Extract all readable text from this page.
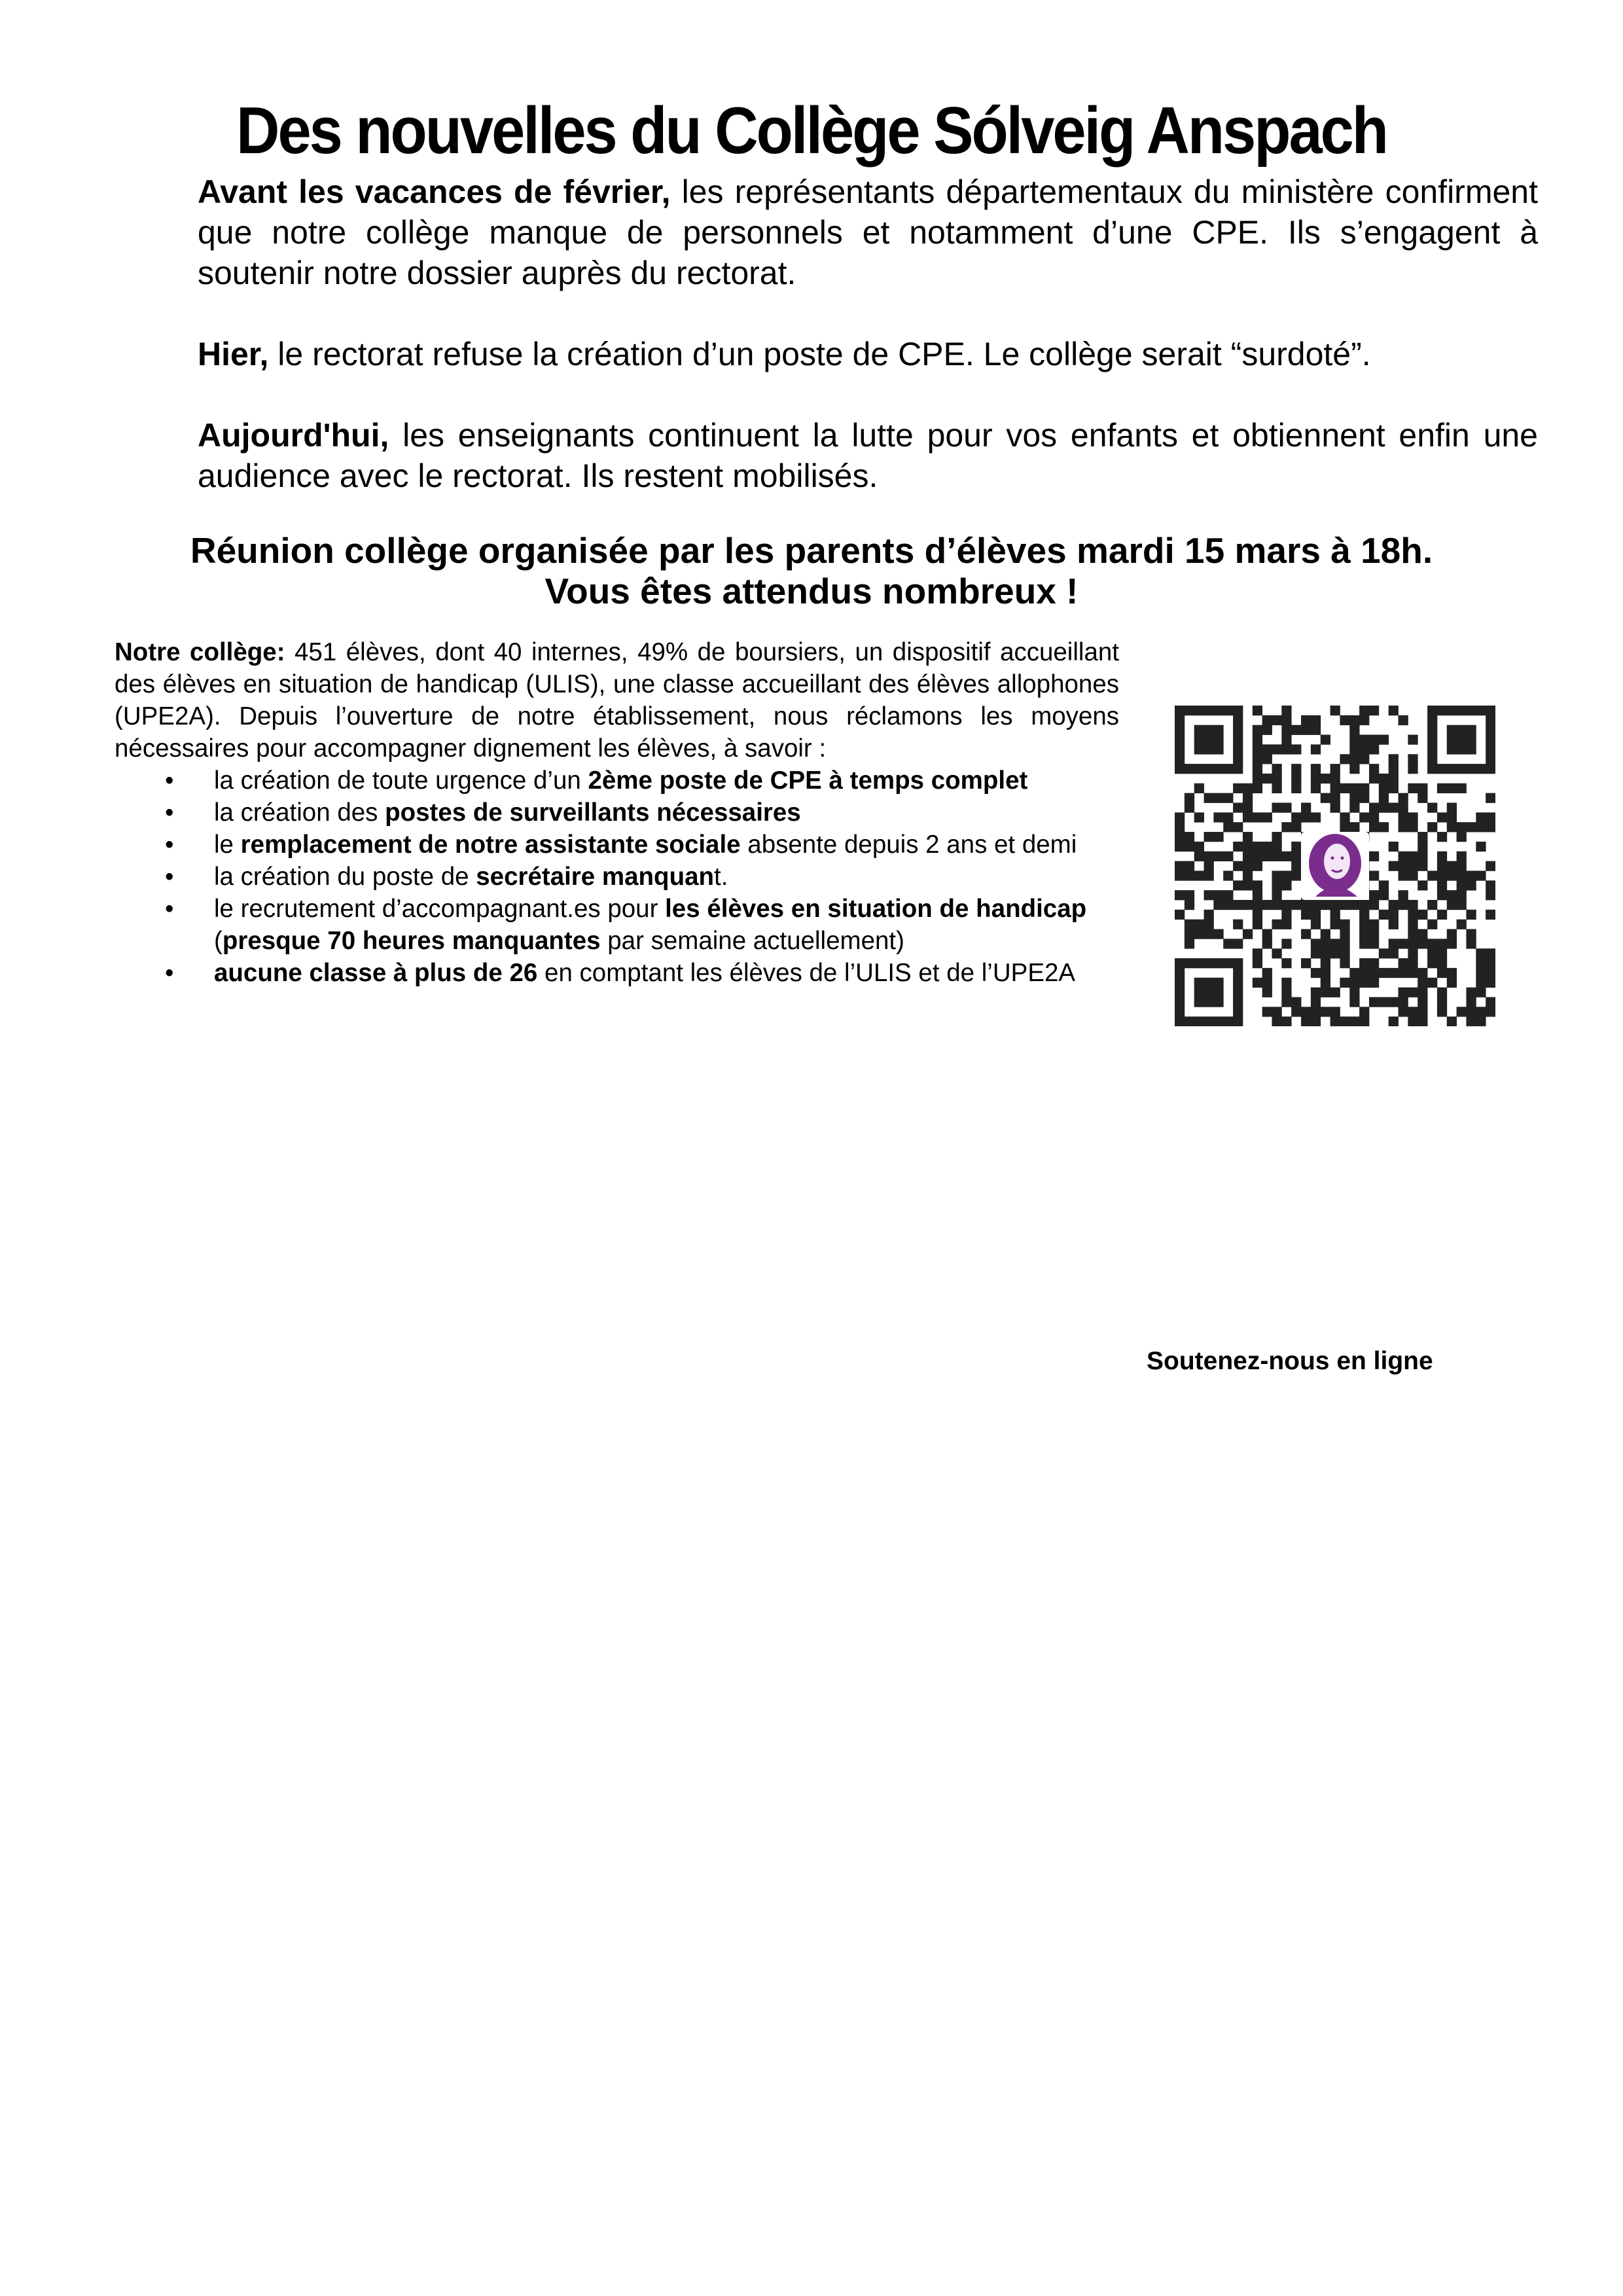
Des nouvelles du Collège Sólveig Anspach

Avant les vacances de février, les représentants départementaux du ministère confirment que notre collège manque de personnels et notamment d’une CPE. Ils s’engagent à soutenir notre dossier auprès du rectorat.

Hier, le rectorat refuse la création d’un poste de CPE. Le collège serait “surdoté”.

Aujourd'hui, les enseignants continuent la lutte pour vos enfants et obtiennent enfin une audience avec le rectorat. Ils restent mobilisés.

Réunion collège organisée par les parents d’élèves mardi 15 mars à 18h.
Vous êtes attendus nombreux !

Notre collège: 451 élèves, dont 40 internes, 49% de boursiers, un dispositif accueillant des élèves en situation de handicap (ULIS), une classe accueillant des élèves allophones (UPE2A). Depuis l’ouverture de notre établissement, nous réclamons les moyens nécessaires pour accompagner dignement les élèves, à savoir :

• la création de toute urgence d’un 2ème poste de CPE à temps complet
• la création des postes de surveillants nécessaires
• le remplacement de notre assistante sociale absente depuis 2 ans et demi
• la création du poste de secrétaire manquant.
• le recrutement d’accompagnant.es pour les élèves en situation de handicap
(presque 70 heures manquantes par semaine actuellement)
• aucune classe à plus de 26 en comptant les élèves de l’ULIS et de l’UPE2A
Soutenez-nous en ligne
